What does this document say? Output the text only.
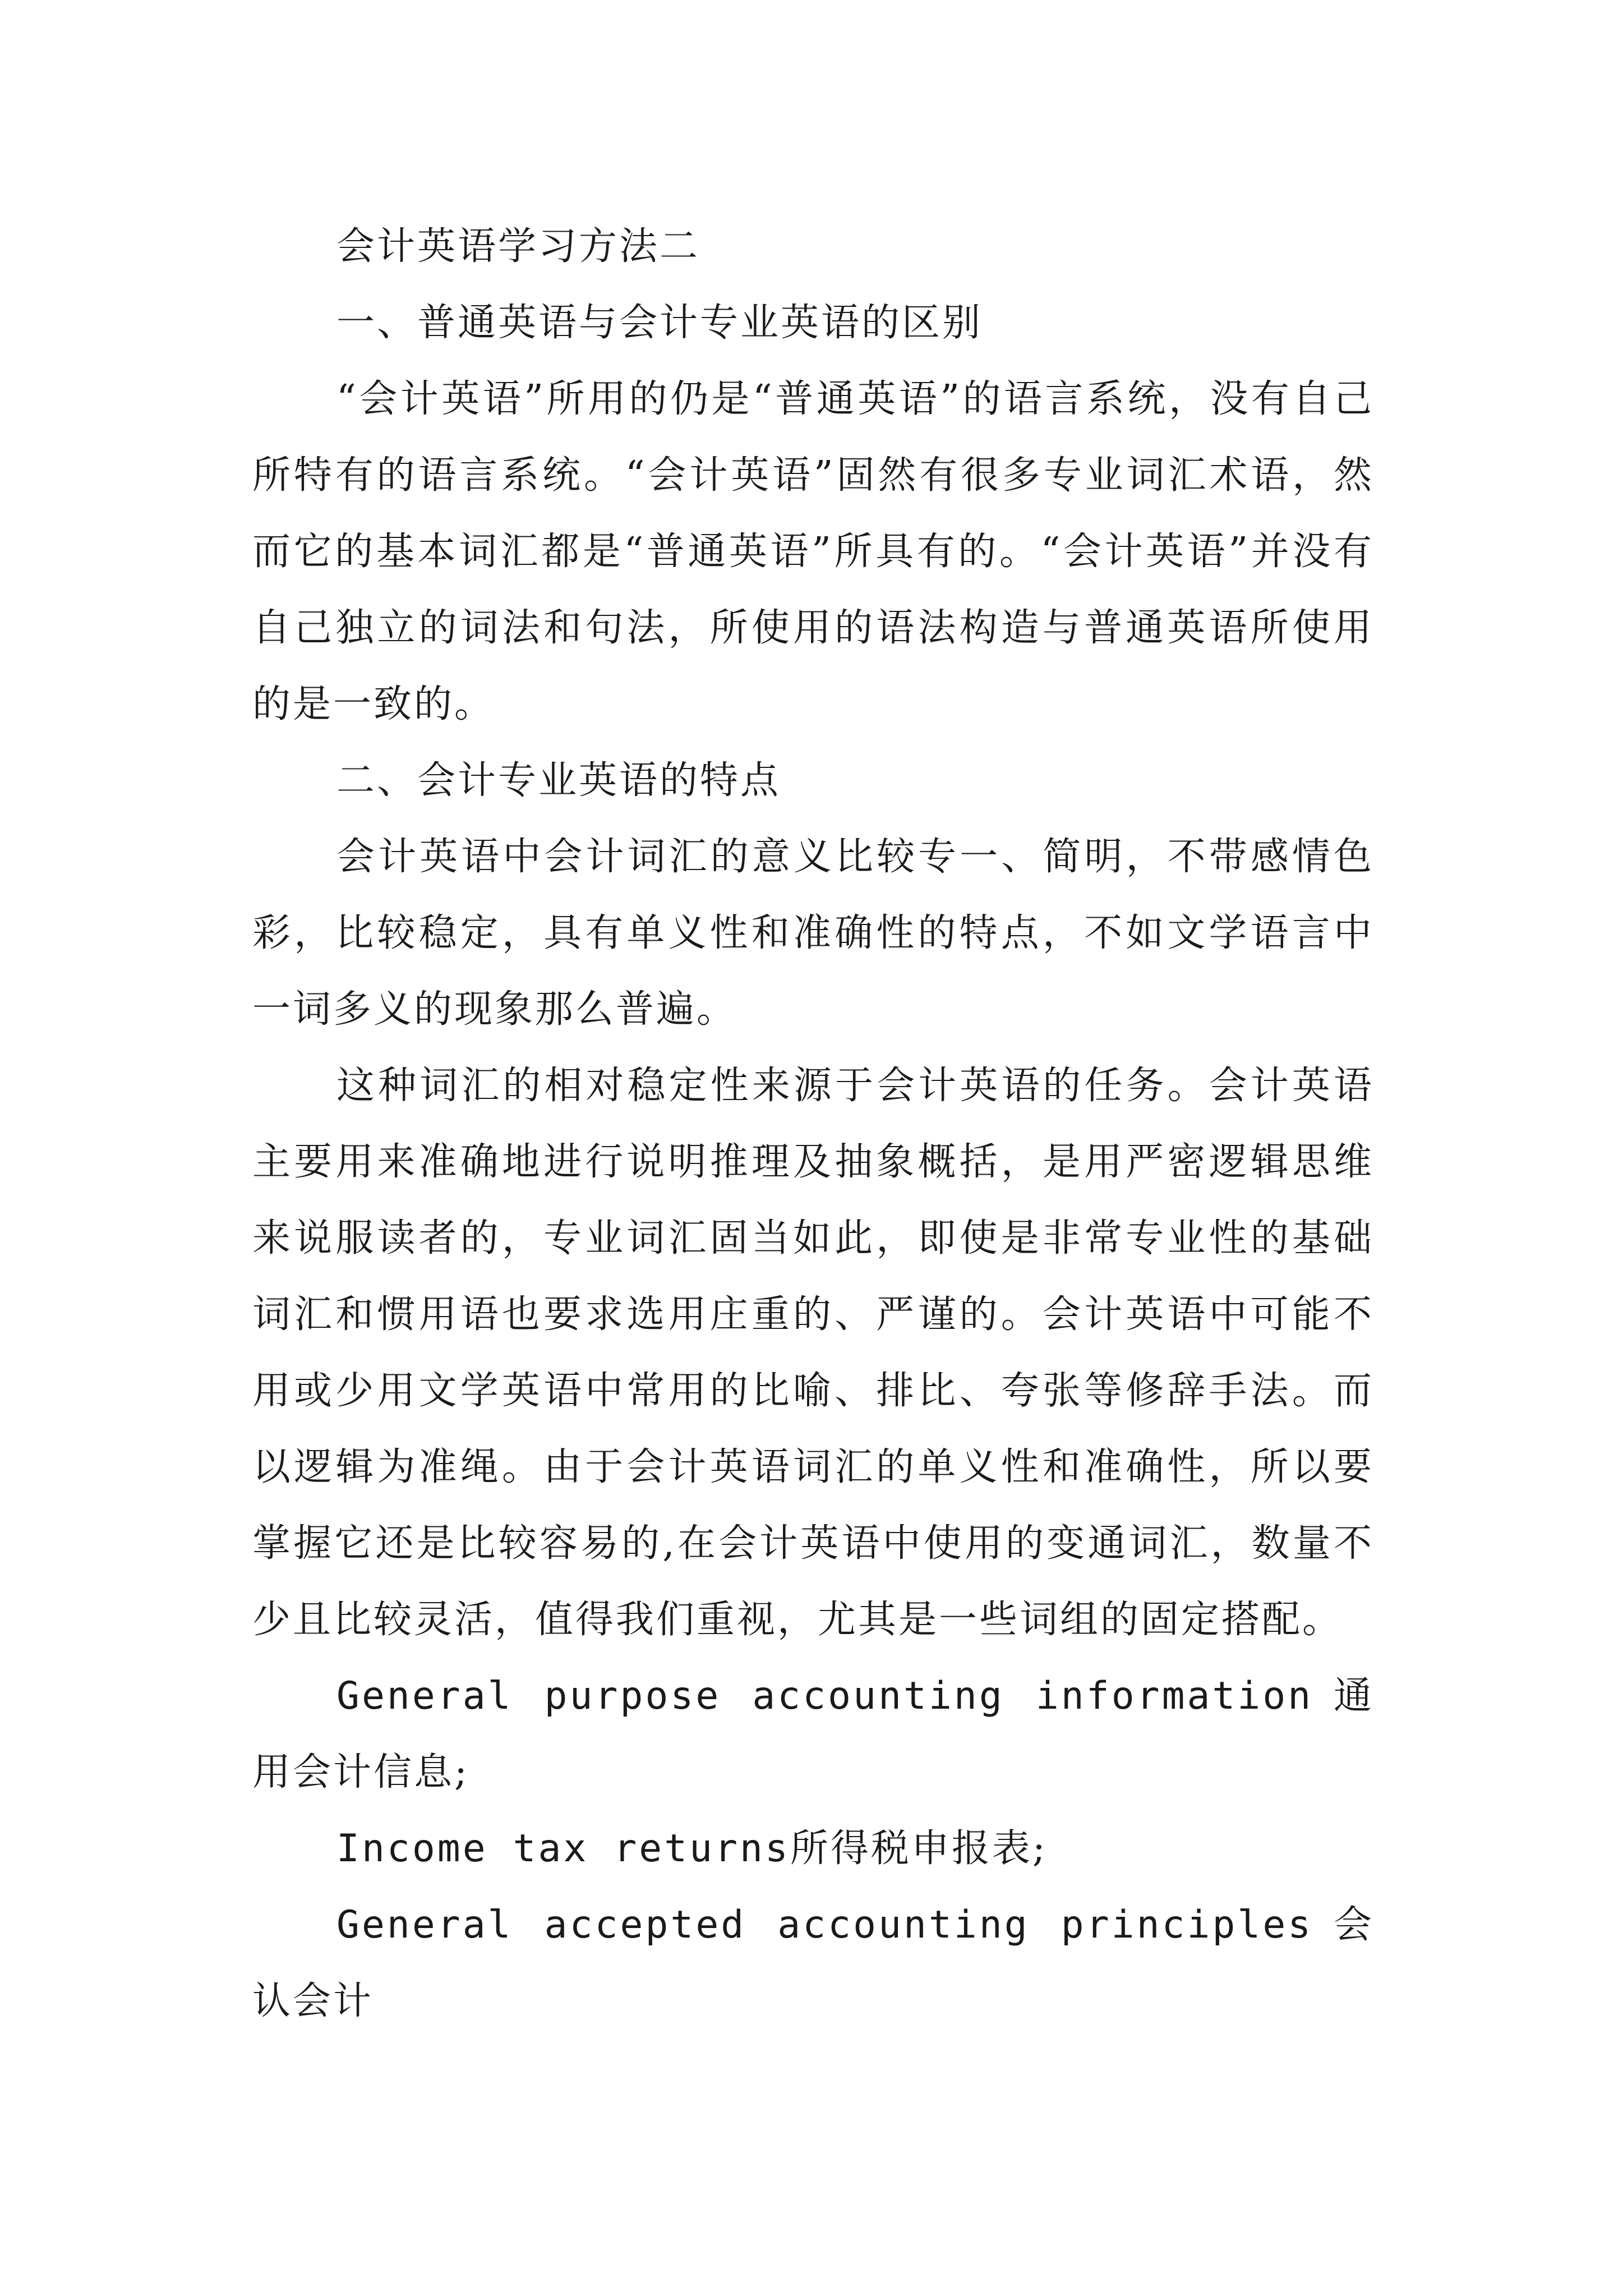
会计英语学习方法二

一、普通英语与会计专业英语的区别

“会计英语”所用的仍是“普通英语”的语言系统，没有自己所特有的语言系统。“会计英语”固然有很多专业词汇术语，然而它的基本词汇都是“普通英语”所具有的。“会计英语”并没有自己独立的词法和句法，所使用的语法构造与普通英语所使用的是一致的。

二、会计专业英语的特点

会计英语中会计词汇的意义比较专一、简明，不带感情色彩，比较稳定，具有单义性和准确性的特点，不如文学语言中一词多义的现象那么普遍。

这种词汇的相对稳定性来源于会计英语的任务。会计英语主要用来准确地进行说明推理及抽象概括，是用严密逻辑思维来说服读者的，专业词汇固当如此，即使是非常专业性的基础词汇和惯用语也要求选用庄重的、严谨的。会计英语中可能不用或少用文学英语中常用的比喻、排比、夸张等修辞手法。而以逻辑为准绳。由于会计英语词汇的单义性和准确性，所以要掌握它还是比较容易的,在会计英语中使用的变通词汇，数量不少且比较灵活，值得我们重视，尤其是一些词组的固定搭配。

General purpose accounting information 通用会计信息;

Income tax returns所得税申报表;

General accepted accounting principles 会认会计
